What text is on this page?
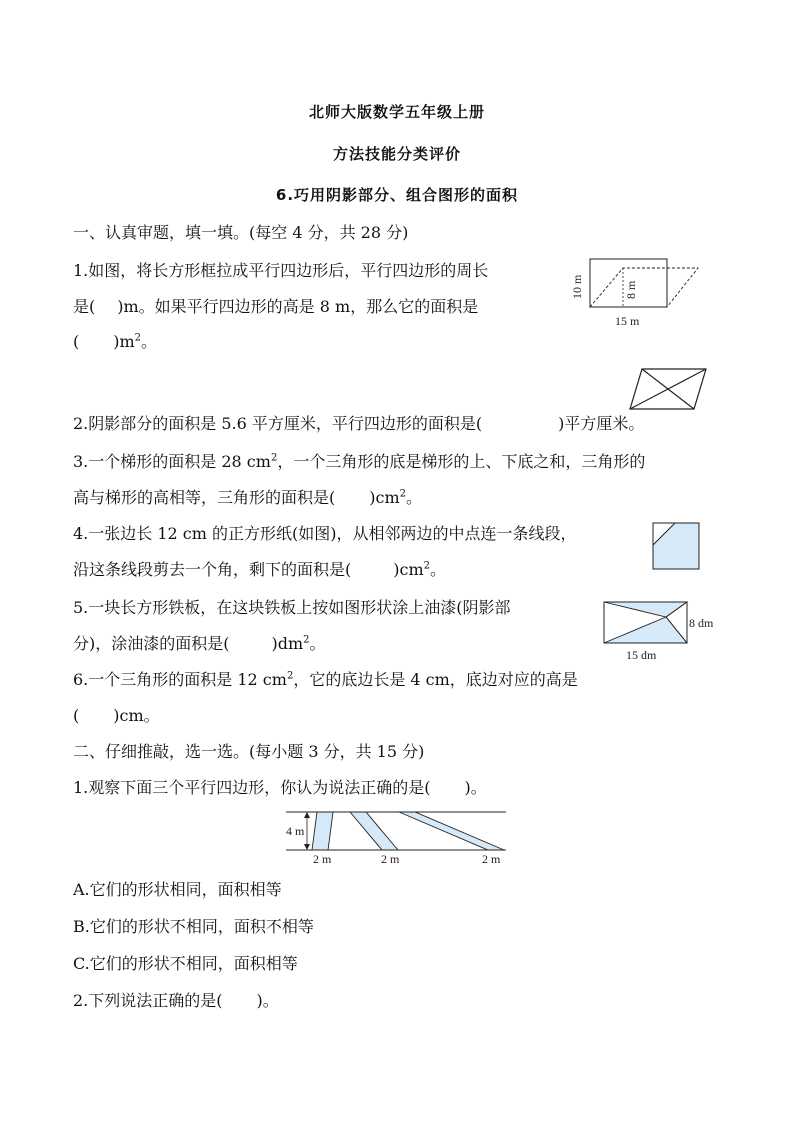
北师大版数学五年级上册
方法技能分类评价
6.巧用阴影部分、组合图形的面积
一、认真审题，填一填。(每空 4 分，共 28 分)
1.如图，将长方形框拉成平行四边形后，平行四边形的周长
是( )m。如果平行四边形的高是 8 m，那么它的面积是
( )$m^2$。
10 m	8 m
15 m
2.阴影部分的面积是 5.6 平方厘米，平行四边形的面积是(	)平方厘米。
3.一个梯形的面积是 28 $cm^2$，一个三角形的底是梯形的上、下底之和，三角形的
高与梯形的高相等，三角形的面积是( )$cm^2$。
4.一张边长 12 cm 的正方形纸(如图)，从相邻两边的中点连一条线段，
沿这条线段剪去一个角，剩下的面积是(	)$cm^2$。
5.一块长方形铁板，在这块铁板上按如图形状涂上油漆(阴影部
分)，涂油漆的面积是(	)$dm^2$。
8 dm
15 dm
6.一个三角形的面积是 12 $cm^2$，它的底边长是 4 cm，底边对应的高是
( )cm。
二、仔细推敲，选一选。(每小题 3 分，共 15 分)
1.观察下面三个平行四边形，你认为说法正确的是( )。
4 m
2 m	2 m	2 m
A.它们的形状相同，面积相等
B.它们的形状不相同，面积不相等
C.它们的形状不相同，面积相等
2.下列说法正确的是( )。
